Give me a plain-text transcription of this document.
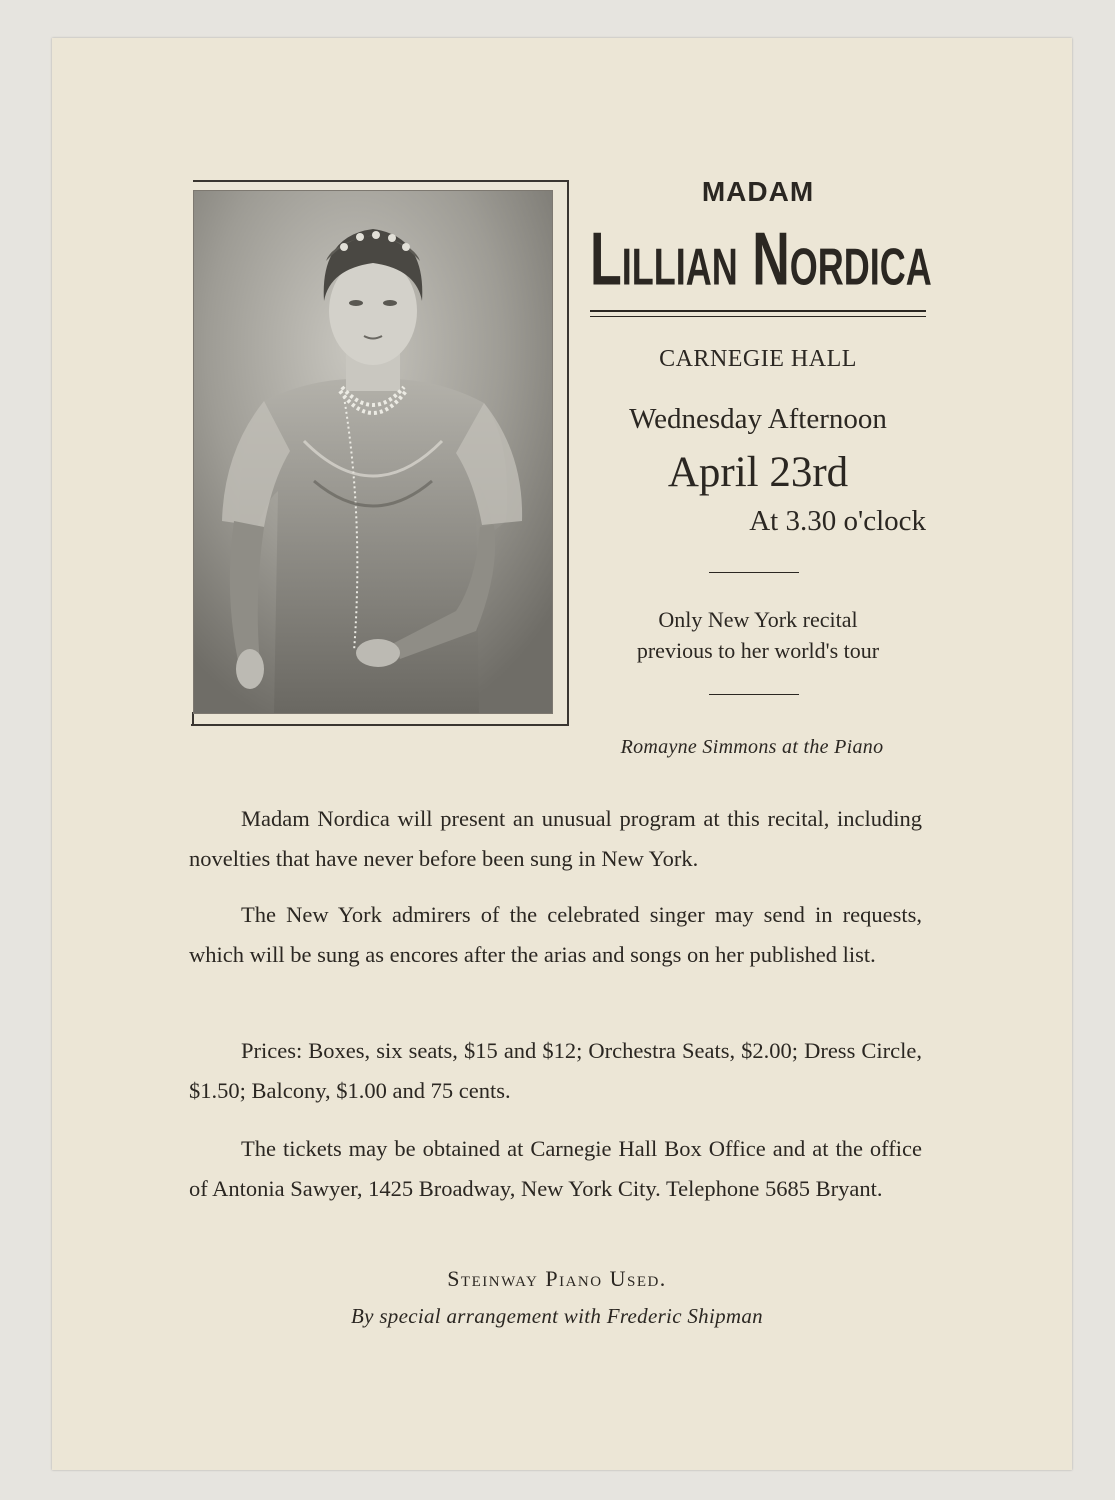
MADAM
Lillian Nordica
CARNEGIE HALL
Wednesday Afternoon
April 23rd
At 3.30 o'clock
Only New York recital
previous to her world's tour
Romayne Simmons at the Piano

Madam Nordica will present an unusual program at this recital, including novelties that have never before been sung in New York.

The New York admirers of the celebrated singer may send in requests, which will be sung as encores after the arias and songs on her published list.

Prices: Boxes, six seats, $15 and $12; Orchestra Seats, $2.00; Dress Circle, $1.50; Balcony, $1.00 and 75 cents.

The tickets may be obtained at Carnegie Hall Box Office and at the office of Antonia Sawyer, 1425 Broadway, New York City. Telephone 5685 Bryant.

Steinway Piano Used.
By special arrangement with Frederic Shipman
